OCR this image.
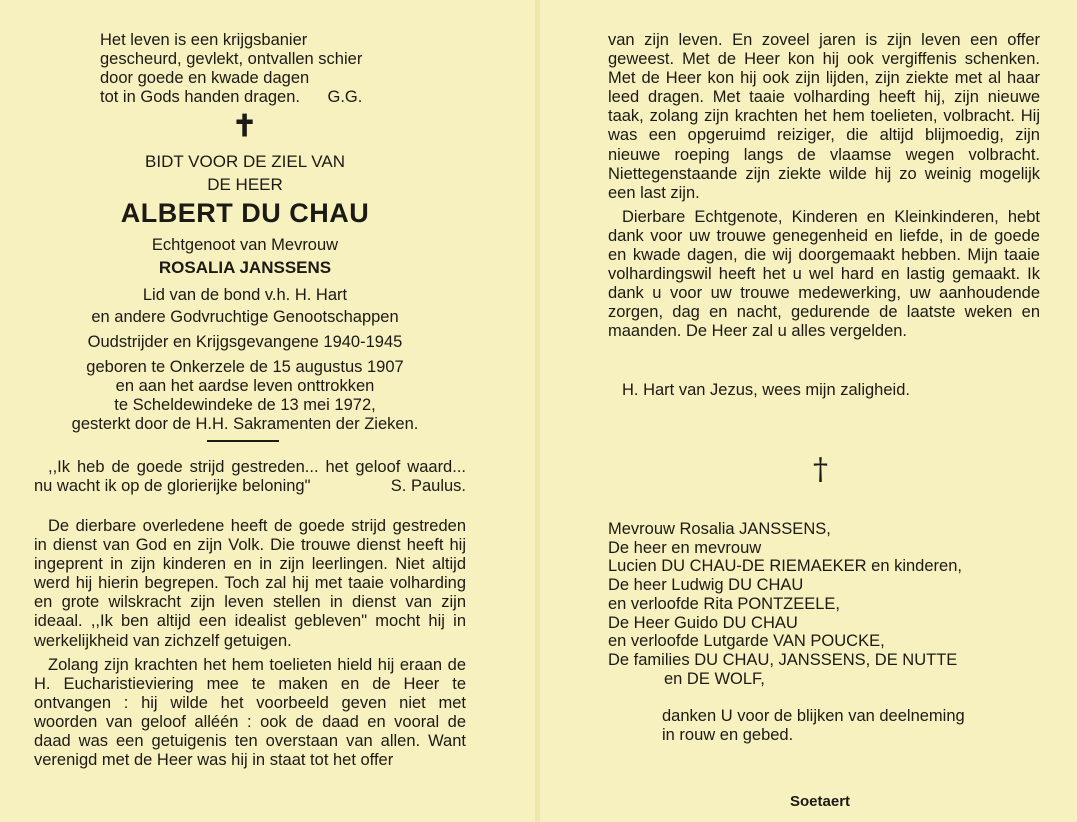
Het leven is een krijgsbanier
gescheurd, gevlekt, ontvallen schier
door goede en kwade dagen
tot in Gods handen dragen.      G.G.
✝
BIDT VOOR DE ZIEL VAN
DE HEER
ALBERT DU CHAU
Echtgenoot van Mevrouw
ROSALIA JANSSENS
Lid van de bond v.h. H. Hart
en andere Godvruchtige Genootschappen
Oudstrijder en Krijgsgevangene 1940-1945
geboren te Onkerzele de 15 augustus 1907
en aan het aardse leven onttrokken
te Scheldewindeke de 13 mei 1972,
gesterkt door de H.H. Sakramenten der Zieken.

,,Ik heb de goede strijd gestreden... het geloof waard... nu wacht ik op de glorierijke beloning"	S. Paulus.

De dierbare overledene heeft de goede strijd gestreden in dienst van God en zijn Volk. Die trouwe dienst heeft hij ingeprent in zijn kinderen en in zijn leerlingen. Niet altijd werd hij hierin begrepen. Toch zal hij met taaie volharding en grote wilskracht zijn leven stellen in dienst van zijn ideaal. ,,Ik ben altijd een idealist gebleven" mocht hij in werkelijkheid van zichzelf getuigen.

Zolang zijn krachten het hem toelieten hield hij eraan de H. Eucharistieviering mee te maken en de Heer te ontvangen : hij wilde het voorbeeld geven niet met woorden van geloof alléén : ook de daad en vooral de daad was een getuigenis ten overstaan van allen. Want verenigd met de Heer was hij in staat tot het offer

van zijn leven. En zoveel jaren is zijn leven een offer geweest. Met de Heer kon hij ook vergiffenis schenken. Met de Heer kon hij ook zijn lijden, zijn ziekte met al haar leed dragen. Met taaie volharding heeft hij, zijn nieuwe taak, zolang zijn krachten het hem toelieten, volbracht. Hij was een opgeruimd reiziger, die altijd blijmoedig, zijn nieuwe roeping langs de vlaamse wegen volbracht. Niettegenstaande zijn ziekte wilde hij zo weinig mogelijk een last zijn.

Dierbare Echtgenote, Kinderen en Kleinkinderen, hebt dank voor uw trouwe genegenheid en liefde, in de goede en kwade dagen, die wij doorgemaakt hebben. Mijn taaie volhardingswil heeft het u wel hard en lastig gemaakt. Ik dank u voor uw trouwe medewerking, uw aanhoudende zorgen, dag en nacht, gedurende de laatste weken en maanden. De Heer zal u alles vergelden.

H. Hart van Jezus, wees mijn zaligheid.
†
Mevrouw Rosalia JANSSENS,
De heer en mevrouw
Lucien DU CHAU-DE RIEMAEKER en kinderen,
De heer Ludwig DU CHAU
en verloofde Rita PONTZEELE,
De Heer Guido DU CHAU
en verloofde Lutgarde VAN POUCKE,
De families DU CHAU, JANSSENS, DE NUTTE
en DE WOLF,
danken U voor de blijken van deelneming
in rouw en gebed.
Soetaert
